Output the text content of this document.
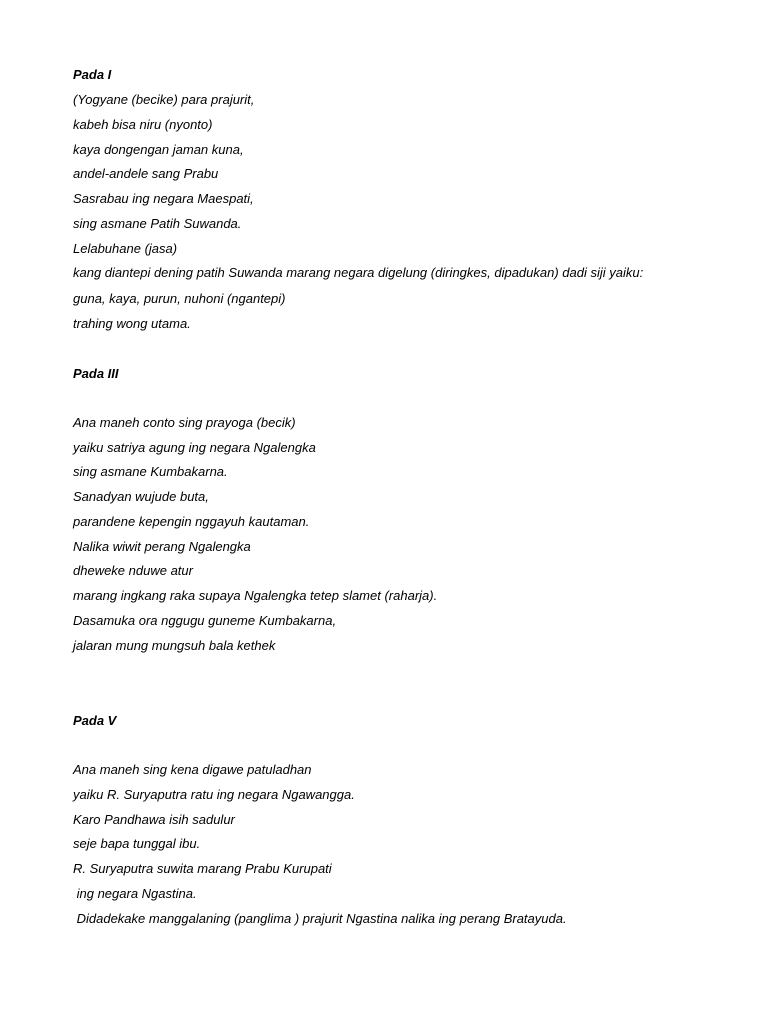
Pada I

(Yogyane (becike) para prajurit,

kabeh bisa niru (nyonto)

kaya dongengan jaman kuna,

andel-andele sang Prabu

Sasrabau ing negara Maespati,

sing asmane Patih Suwanda.

Lelabuhane (jasa)

kang diantepi dening patih Suwanda marang negara digelung (diringkes, dipadukan) dadi siji yaiku:

guna, kaya, purun, nuhoni (ngantepi)

trahing wong utama.

Pada III

Ana maneh conto sing prayoga (becik)

yaiku satriya agung ing negara Ngalengka

sing asmane Kumbakarna.

Sanadyan wujude buta,

parandene kepengin nggayuh kautaman.

Nalika wiwit perang Ngalengka

dheweke nduwe atur

marang ingkang raka supaya Ngalengka tetep slamet (raharja).

Dasamuka ora nggugu guneme Kumbakarna,

jalaran mung mungsuh bala kethek

Pada V

Ana maneh sing kena digawe patuladhan

yaiku R. Suryaputra ratu ing negara Ngawangga.

Karo Pandhawa isih sadulur

seje bapa tunggal ibu.

R. Suryaputra suwita marang Prabu Kurupati

ing negara Ngastina.

Didadekake manggalaning (panglima ) prajurit Ngastina nalika ing perang Bratayuda.
